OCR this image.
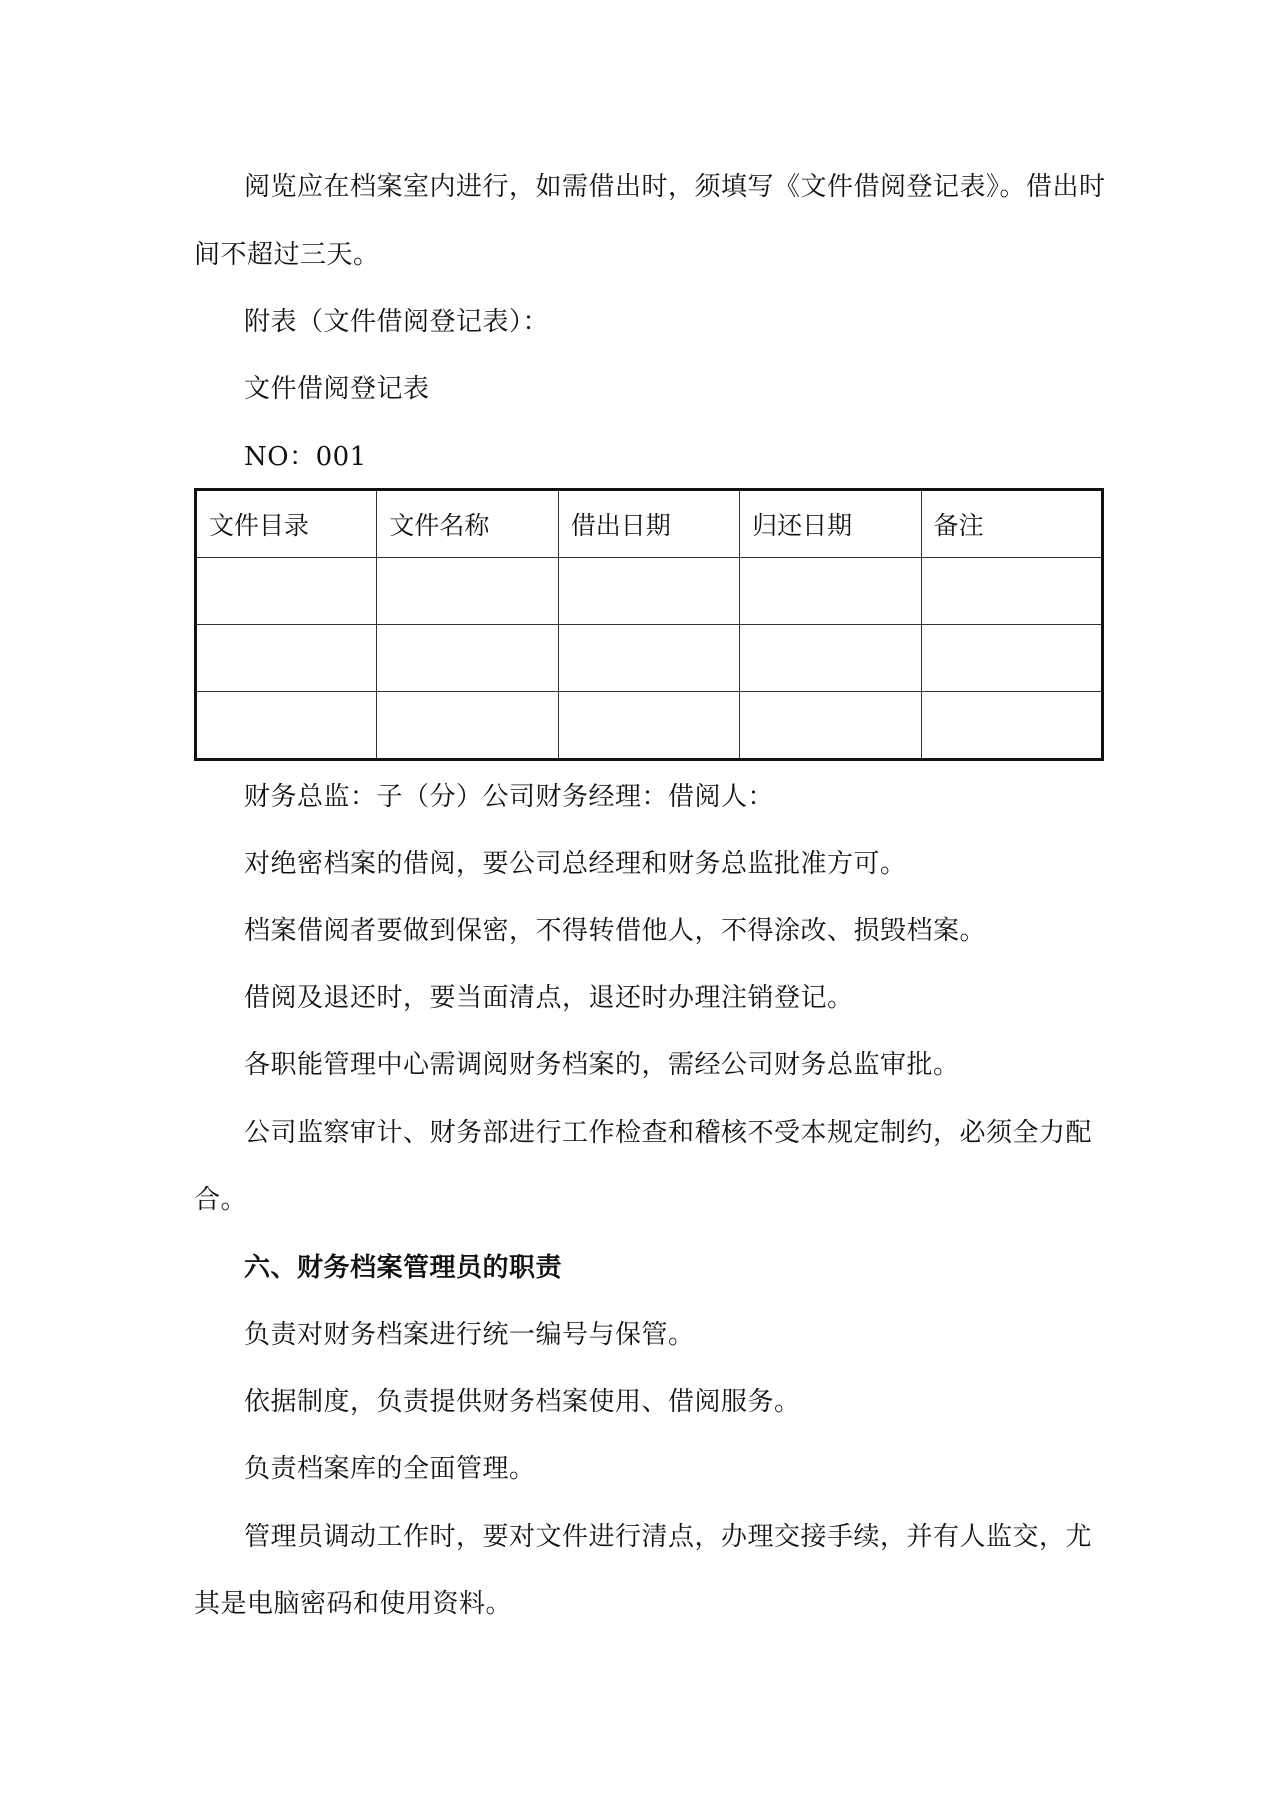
阅览应在档案室内进行，如需借出时，须填写《文件借阅登记表》。借出时
间不超过三天。
附表（文件借阅登记表）：
文件借阅登记表
NO：001
文件目录	文件名称	借出日期	归还日期	备注

财务总监：子（分）公司财务经理：借阅人：
对绝密档案的借阅，要公司总经理和财务总监批准方可。
档案借阅者要做到保密，不得转借他人，不得涂改、损毁档案。
借阅及退还时，要当面清点，退还时办理注销登记。
各职能管理中心需调阅财务档案的，需经公司财务总监审批。
公司监察审计、财务部进行工作检查和稽核不受本规定制约，必须全力配
合。
六、财务档案管理员的职责
负责对财务档案进行统一编号与保管。
依据制度，负责提供财务档案使用、借阅服务。
负责档案库的全面管理。
管理员调动工作时，要对文件进行清点，办理交接手续，并有人监交，尤
其是电脑密码和使用资料。
